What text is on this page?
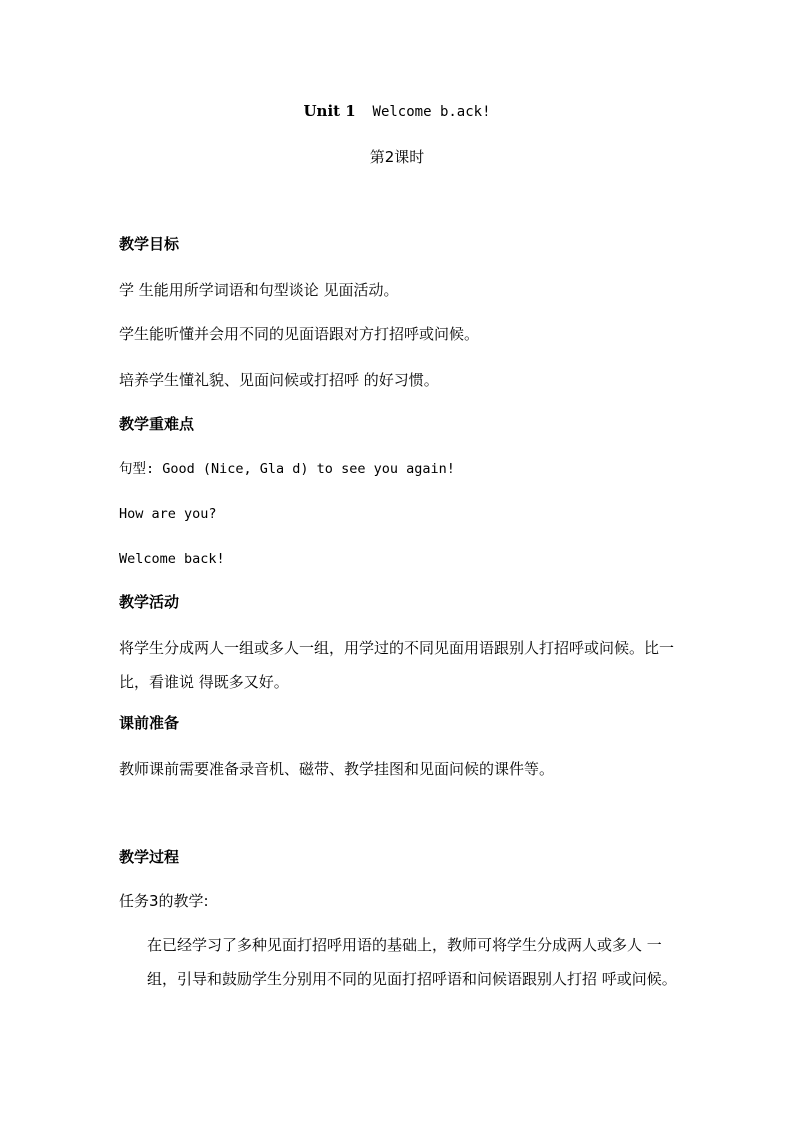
Unit 1 Welcome b.ack!
第2课时
教学目标
学 生能用所学词语和句型谈论 见面活动。
学生能听懂并会用不同的见面语跟对方打招呼或问候。
培养学生懂礼貌、见面问候或打招呼 的好习惯。
教学重难点
句型: Good (Nice, Gla d) to see you again!
How are you?
Welcome back!
教学活动
将学生分成两人一组或多人一组，用学过的不同见面用语跟别人打招呼或问候。比一比，看谁说 得既多又好。
课前准备
教师课前需要准备录音机、磁带、教学挂图和见面问候的课件等。
教学过程
任务3的教学:
在已经学习了多种见面打招呼用语的基础上，教师可将学生分成两人或多人 一组，引导和鼓励学生分别用不同的见面打招呼语和问候语跟别人打招 呼或问候。
